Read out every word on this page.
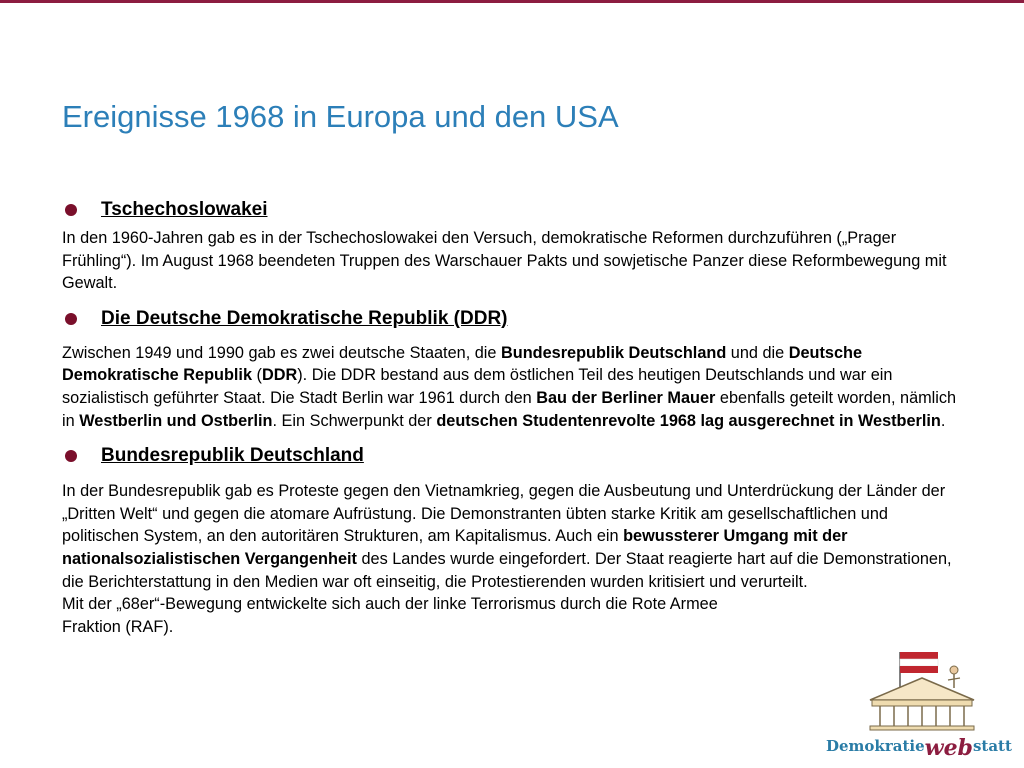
Ereignisse 1968 in Europa und den USA
Tschechoslowakei
In den 1960-Jahren gab es in der Tschechoslowakei den Versuch, demokratische Reformen durchzuführen („Prager Frühling“). Im August 1968 beendeten Truppen des Warschauer Pakts und sowjetische Panzer diese Reformbewegung mit Gewalt.
Die Deutsche Demokratische Republik (DDR)
Zwischen 1949 und 1990 gab es zwei deutsche Staaten, die Bundesrepublik Deutschland und die Deutsche Demokratische Republik (DDR). Die DDR bestand aus dem östlichen Teil des heutigen Deutschlands und war ein sozialistisch geführter Staat. Die Stadt Berlin war 1961 durch den Bau der Berliner Mauer ebenfalls geteilt worden, nämlich in Westberlin und Ostberlin. Ein Schwerpunkt der deutschen Studentenrevolte 1968 lag ausgerechnet in Westberlin.
Bundesrepublik Deutschland
In der Bundesrepublik gab es Proteste gegen den Vietnamkrieg, gegen die Ausbeutung und Unterdrückung der Länder der „Dritten Welt“ und gegen die atomare Aufrüstung. Die Demonstranten übten starke Kritik am gesellschaftlichen und politischen System, an den autoritären Strukturen, am Kapitalismus. Auch ein bewussterer Umgang mit der nationalsozialistischen Vergangenheit des Landes wurde eingefordert. Der Staat reagierte hart auf die Demonstrationen, die Berichterstattung in den Medien war oft einseitig, die Protestierenden wurden kritisiert und verurteilt.
Mit der „68er“-Bewegung entwickelte sich auch der linke Terrorismus durch die Rote Armee
Fraktion (RAF).
Demokratiewebstatt
